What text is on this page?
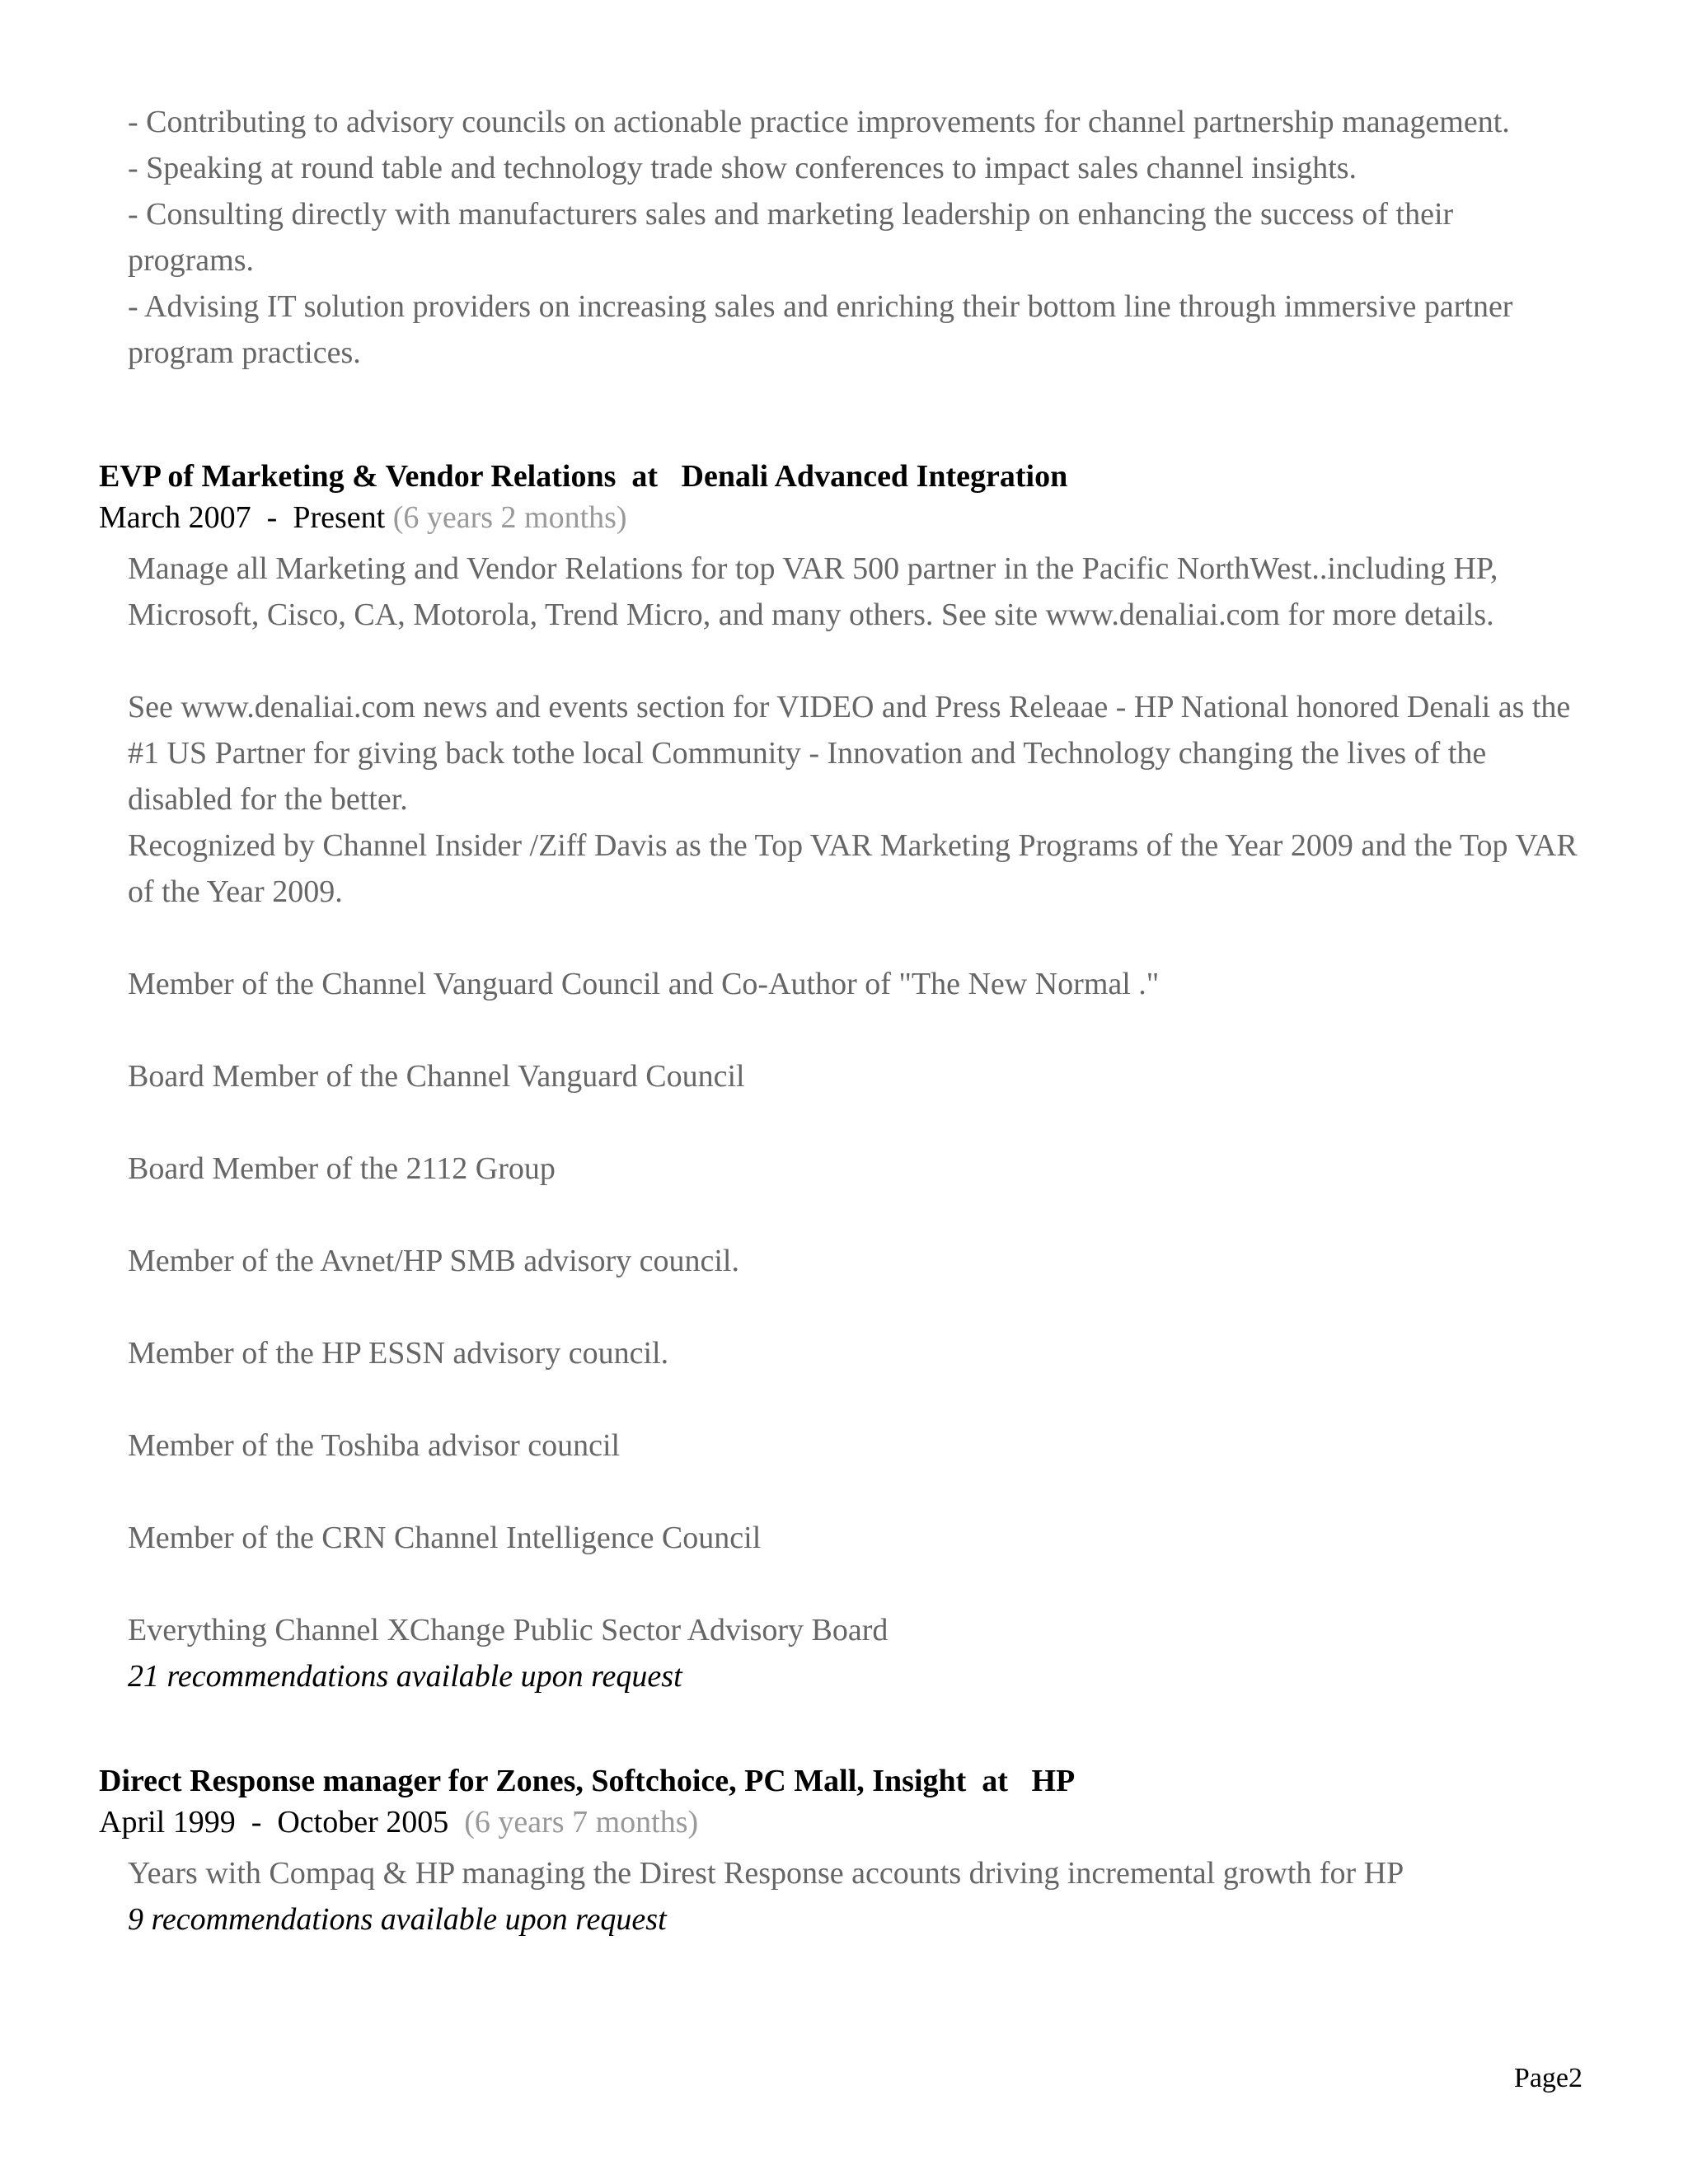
- Contributing to advisory councils on actionable practice improvements for channel partnership management.

- Speaking at round table and technology trade show conferences to impact sales channel insights.

- Consulting directly with manufacturers sales and marketing leadership on enhancing the success of their programs.

- Advising IT solution providers on increasing sales and enriching their bottom line through immersive partner program practices.

EVP of Marketing & Vendor Relations  at   Denali Advanced Integration
March 2007  -  Present (6 years 2 months)

Manage all Marketing and Vendor Relations for top VAR 500 partner in the Pacific NorthWest..including HP, Microsoft, Cisco, CA, Motorola, Trend Micro, and many others. See site www.denaliai.com for more details.

See www.denaliai.com news and events section for VIDEO and Press Releaae - HP National honored Denali as the #1 US Partner for giving back tothe local Community - Innovation and Technology changing the lives of the disabled for the better.

Recognized by Channel Insider /Ziff Davis as the Top VAR Marketing Programs of the Year 2009 and the Top VAR of the Year 2009.

Member of the Channel Vanguard Council and Co-Author of "The New Normal ."

Board Member of the Channel Vanguard Council

Board Member of the 2112 Group

Member of the Avnet/HP SMB advisory council.

Member of the HP ESSN advisory council.

Member of the Toshiba advisor council

Member of the CRN Channel Intelligence Council

Everything Channel XChange Public Sector Advisory Board

21 recommendations available upon request

Direct Response manager for Zones, Softchoice, PC Mall, Insight  at   HP
April 1999  -  October 2005  (6 years 7 months)

Years with Compaq & HP managing the Direst Response accounts driving incremental growth for HP

9 recommendations available upon request

Page2
